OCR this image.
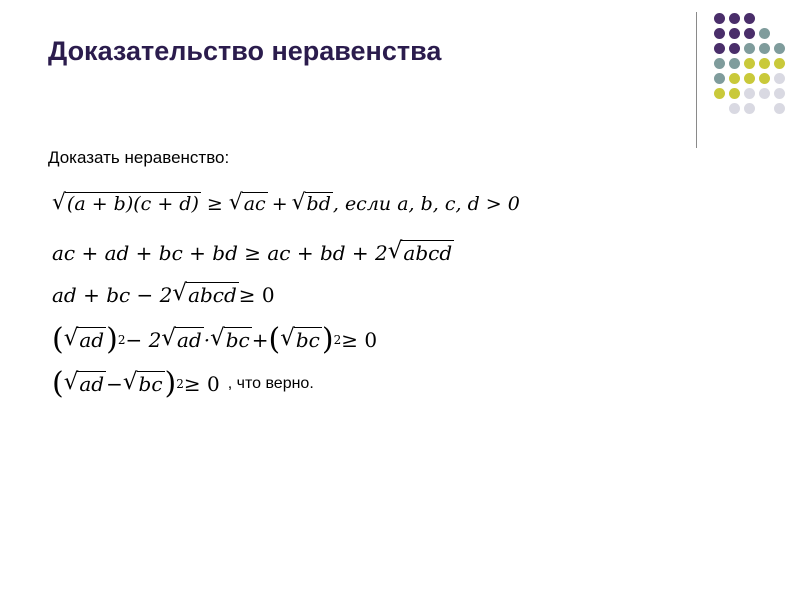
Доказательство неравенства
Доказать неравенство:
√ (a + b)(c + d) ≥ √ ac + √ bd , если a, b, c, d > 0
ac + ad + bc + bd ≥ ac + bd + 2 √ abcd
ad + bc − 2 √ abcd ≥ 0
( √ ad ) 2 − 2 √ ad · √ bc + ( √ bc ) 2 ≥ 0
( √ ad − √ bc ) 2 ≥ 0 , что верно.
